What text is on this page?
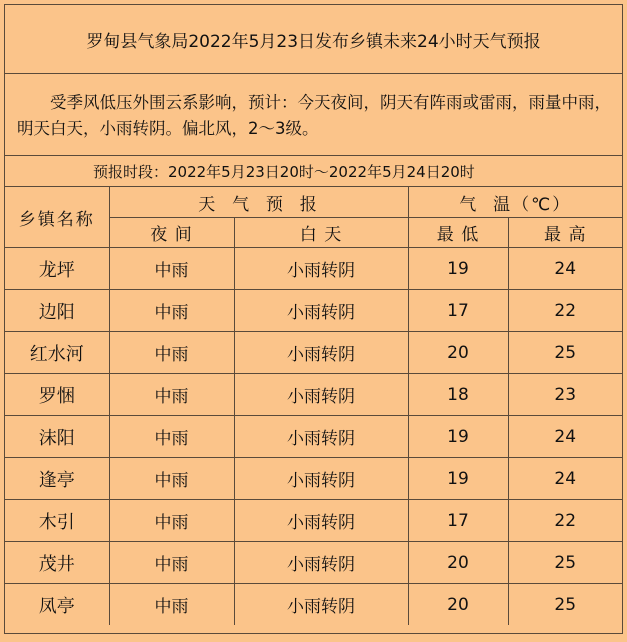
罗甸县气象局2022年5月23日发布乡镇未来24小时天气预报
受季风低压外围云系影响，预计：今天夜间，阴天有阵雨或雷雨，雨量中雨，明天白天，小雨转阴。偏北风，2～3级。
预报时段：2022年5月23日20时～2022年5月24日20时
乡镇名称	天  气  预  报		气  温（℃）	
	夜 间	白 天	最 低	最 高
龙坪	中雨	小雨转阴	19	24
边阳	中雨	小雨转阴	17	22
红水河	中雨	小雨转阴	20	25
罗悃	中雨	小雨转阴	18	23
沫阳	中雨	小雨转阴	19	24
逢亭	中雨	小雨转阴	19	24
木引	中雨	小雨转阴	17	22
茂井	中雨	小雨转阴	20	25
凤亭	中雨	小雨转阴	20	25
